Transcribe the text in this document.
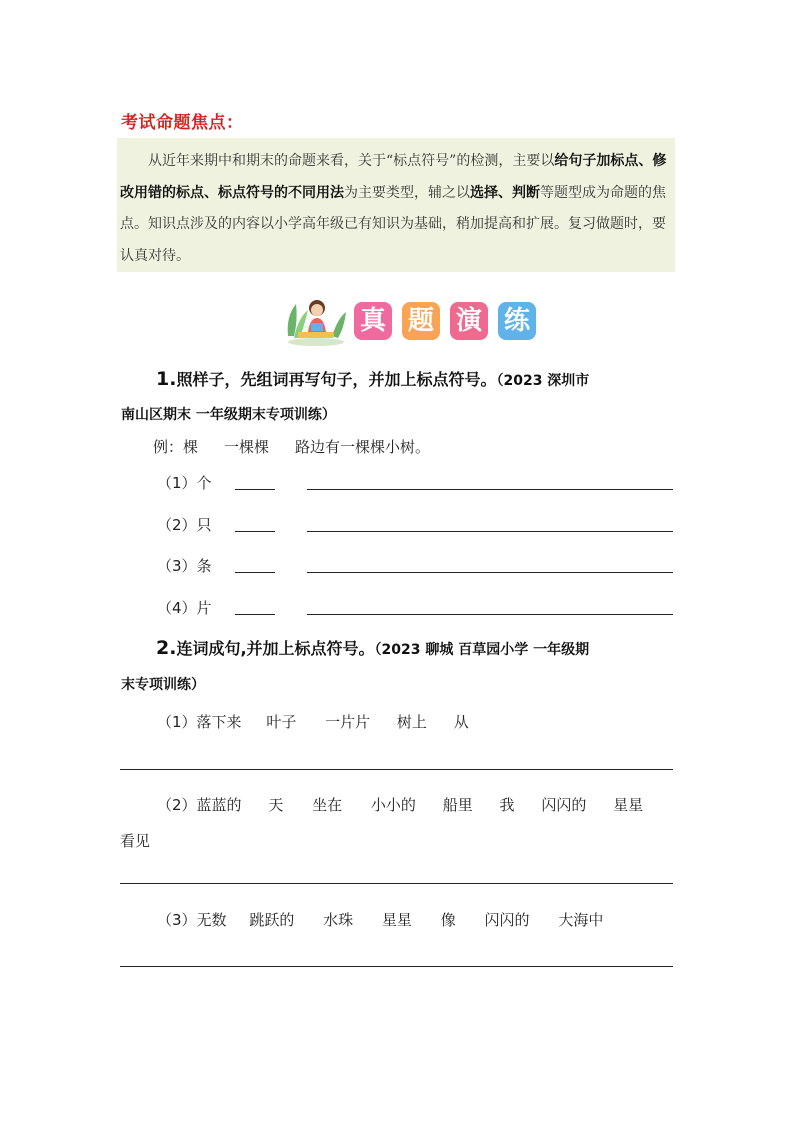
考试命题焦点：
从近年来期中和期末的命题来看，关于“标点符号”的检测，主要以给句子加标点、修改用错的标点、标点符号的不同用法为主要类型，辅之以选择、判断等题型成为命题的焦点。知识点涉及的内容以小学高年级已有知识为基础，稍加提高和扩展。复习做题时，要认真对待。
真 题 演 练
1.照样子，先组词再写句子，并加上标点符号。（2023 深圳市
南山区期末 一年级期末专项训练）
例：棵 一棵棵 路边有一棵棵小树。
（1）个
（2）只
（3）条
（4）片
2.连词成句,并加上标点符号。（2023 聊城 百草园小学 一年级期
末专项训练）
（1）落下来 叶子 一片片 树上 从
（2）蓝蓝的 天 坐在 小小的 船里 我 闪闪的 星星
看见
（3）无数 跳跃的 水珠 星星 像 闪闪的 大海中
